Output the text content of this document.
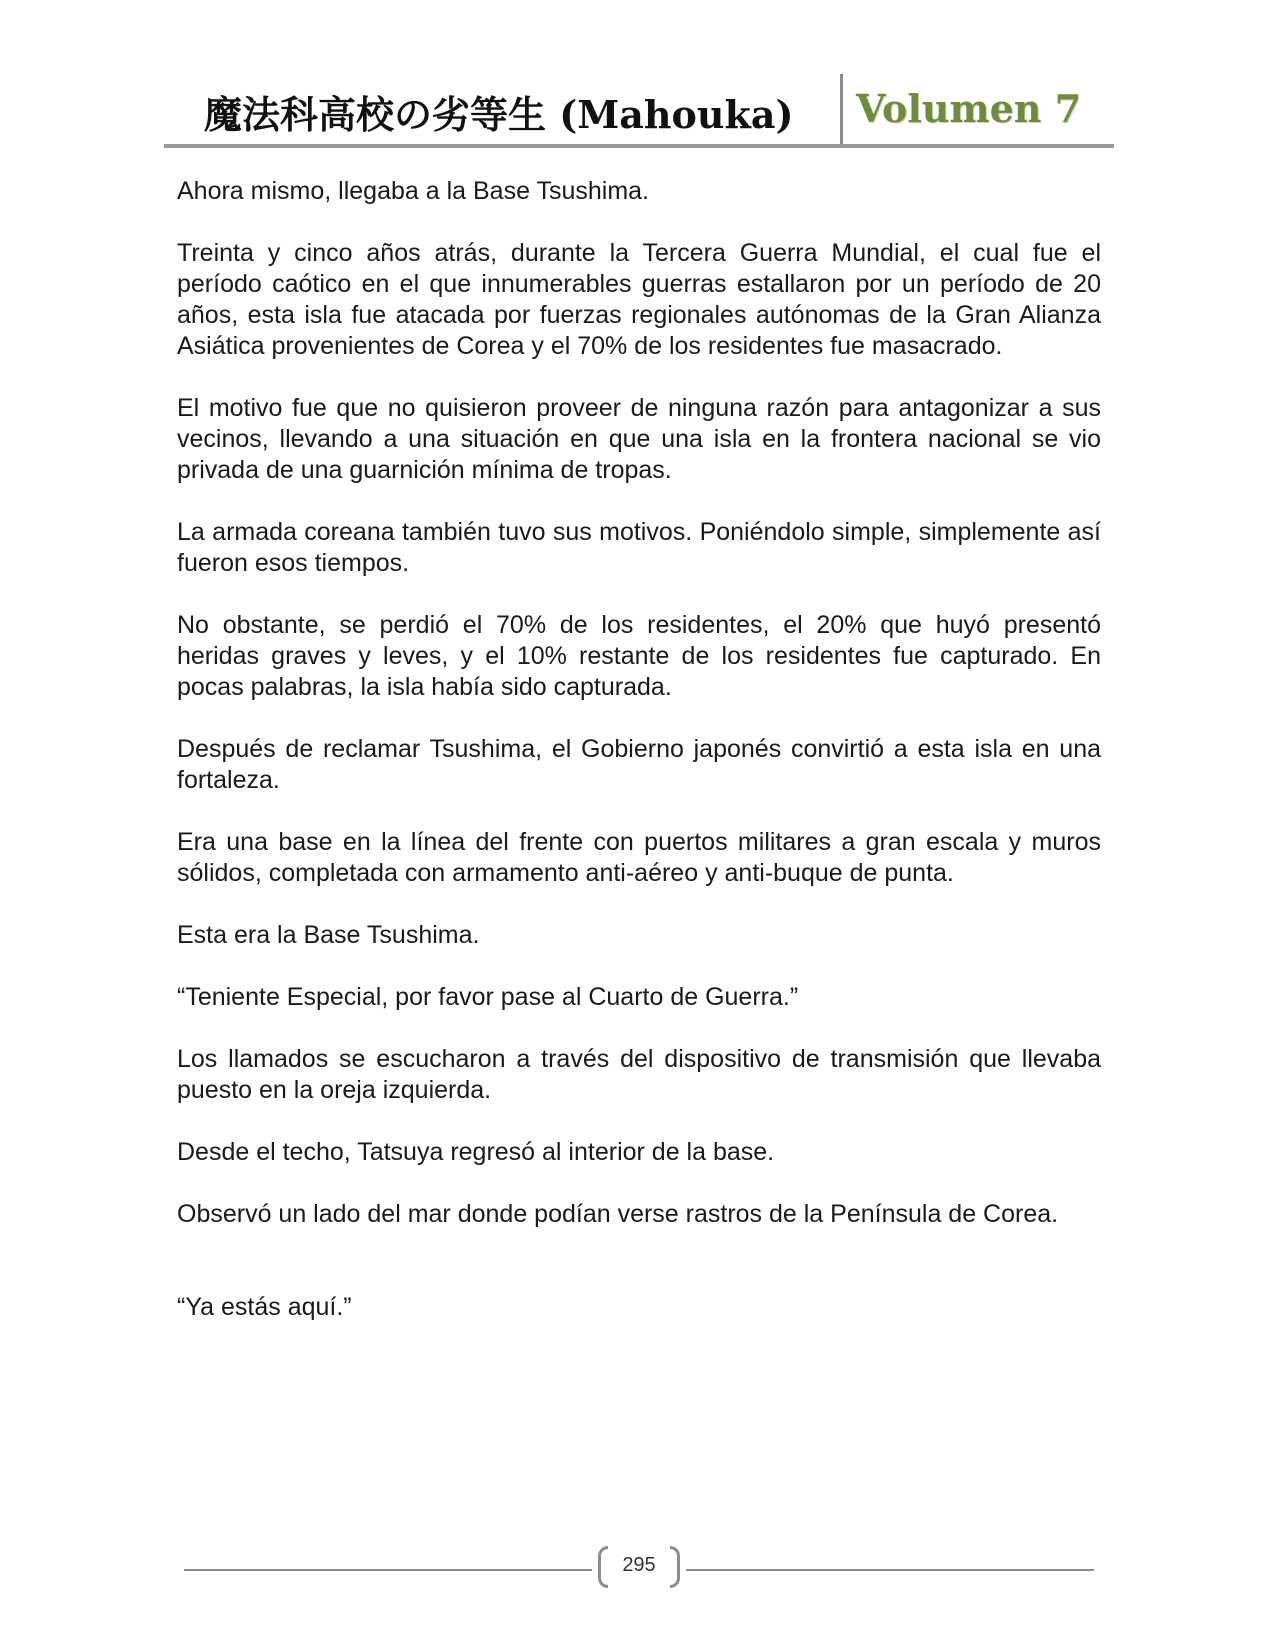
魔法科高校の劣等生 (Mahouka) Volumen 7

Ahora mismo, llegaba a la Base Tsushima.

Treinta y cinco años atrás, durante la Tercera Guerra Mundial, el cual fue el período caótico en el que innumerables guerras estallaron por un período de 20 años, esta isla fue atacada por fuerzas regionales autónomas de la Gran Alianza Asiática provenientes de Corea y el 70% de los residentes fue masacrado.

El motivo fue que no quisieron proveer de ninguna razón para antagonizar a sus vecinos, llevando a una situación en que una isla en la frontera nacional se vio privada de una guarnición mínima de tropas.

La armada coreana también tuvo sus motivos. Poniéndolo simple, simplemente así fueron esos tiempos.

No obstante, se perdió el 70% de los residentes, el 20% que huyó presentó heridas graves y leves, y el 10% restante de los residentes fue capturado. En pocas palabras, la isla había sido capturada.

Después de reclamar Tsushima, el Gobierno japonés convirtió a esta isla en una fortaleza.

Era una base en la línea del frente con puertos militares a gran escala y muros sólidos, completada con armamento anti-aéreo y anti-buque de punta.

Esta era la Base Tsushima.

“Teniente Especial, por favor pase al Cuarto de Guerra.”

Los llamados se escucharon a través del dispositivo de transmisión que llevaba puesto en la oreja izquierda.

Desde el techo, Tatsuya regresó al interior de la base.

Observó un lado del mar donde podían verse rastros de la Península de Corea.

“Ya estás aquí.”

295
